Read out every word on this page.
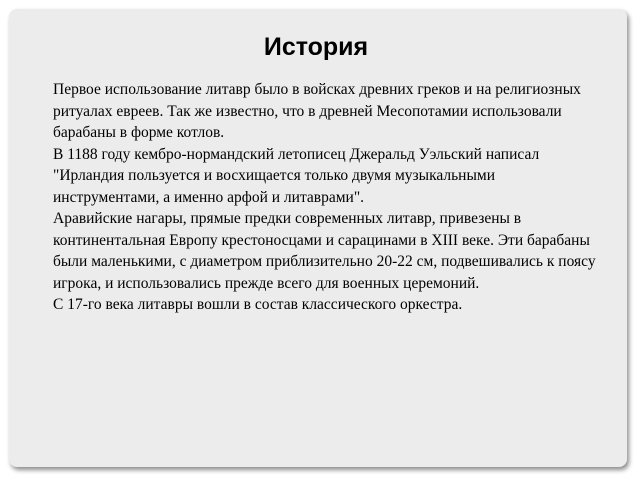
История

Первое использование литавр было в войсках древних греков и на религиозных ритуалах евреев. Так же известно, что в древней Месопотамии использовали барабаны в форме котлов.

В 1188 году кембро-нормандский летописец Джеральд Уэльский написал "Ирландия пользуется и восхищается только двумя музыкальными инструментами, а именно арфой и литаврами".

Аравийские нагары, прямые предки современных литавр, привезены в континентальная Европу крестоносцами и сарацинами в XIII веке. Эти барабаны были маленькими, с диаметром приблизительно 20-22 см, подвешивались к поясу игрока, и использовались прежде всего для военных церемоний.

С 17-го века литавры вошли в состав классического оркестра.
